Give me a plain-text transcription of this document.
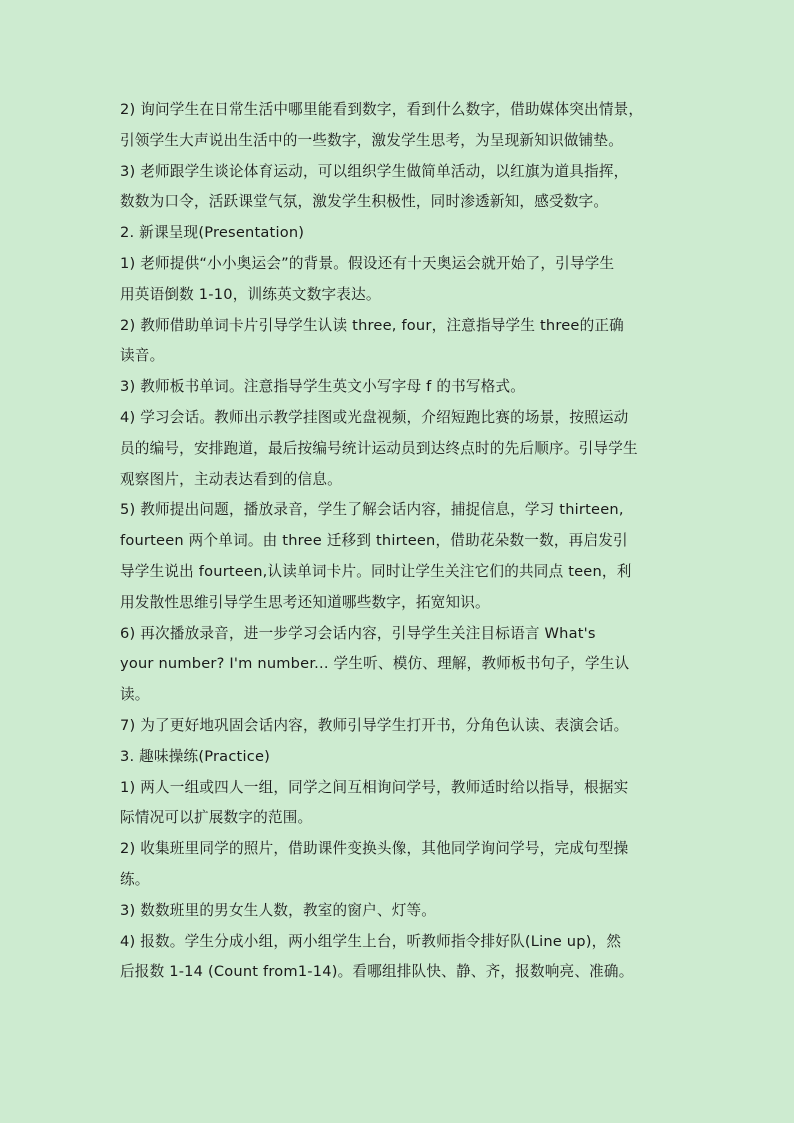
2) 询问学生在日常生活中哪里能看到数字，看到什么数字，借助媒体突出情景，
引领学生大声说出生活中的一些数字，激发学生思考，为呈现新知识做铺垫。
3) 老师跟学生谈论体育运动，可以组织学生做简单活动，以红旗为道具指挥，
数数为口令，活跃课堂气氛，激发学生积极性，同时渗透新知，感受数字。
2. 新课呈现(Presentation)
1) 老师提供“小小奥运会”的背景。假设还有十天奥运会就开始了，引导学生
用英语倒数 1-10，训练英文数字表达。
2) 教师借助单词卡片引导学生认读 three, four，注意指导学生 three的正确
读音。
3) 教师板书单词。注意指导学生英文小写字母 f 的书写格式。
4) 学习会话。教师出示教学挂图或光盘视频，介绍短跑比赛的场景，按照运动
员的编号，安排跑道，最后按编号统计运动员到达终点时的先后顺序。引导学生
观察图片，主动表达看到的信息。
5) 教师提出问题，播放录音，学生了解会话内容，捕捉信息，学习 thirteen,
fourteen 两个单词。由 three 迁移到 thirteen，借助花朵数一数，再启发引
导学生说出 fourteen,认读单词卡片。同时让学生关注它们的共同点 teen，利
用发散性思维引导学生思考还知道哪些数字，拓宽知识。
6) 再次播放录音，进一步学习会话内容，引导学生关注目标语言 What's
your number? I'm number... 学生听、模仿、理解，教师板书句子，学生认
读。
7) 为了更好地巩固会话内容，教师引导学生打开书，分角色认读、表演会话。
3. 趣味操练(Practice)
1) 两人一组或四人一组，同学之间互相询问学号，教师适时给以指导，根据实
际情况可以扩展数字的范围。
2) 收集班里同学的照片，借助课件变换头像，其他同学询问学号，完成句型操
练。
3) 数数班里的男女生人数，教室的窗户、灯等。
4) 报数。学生分成小组，两小组学生上台，听教师指令排好队(Line up)，然
后报数 1-14 (Count from1-14)。看哪组排队快、静、齐，报数响亮、准确。
